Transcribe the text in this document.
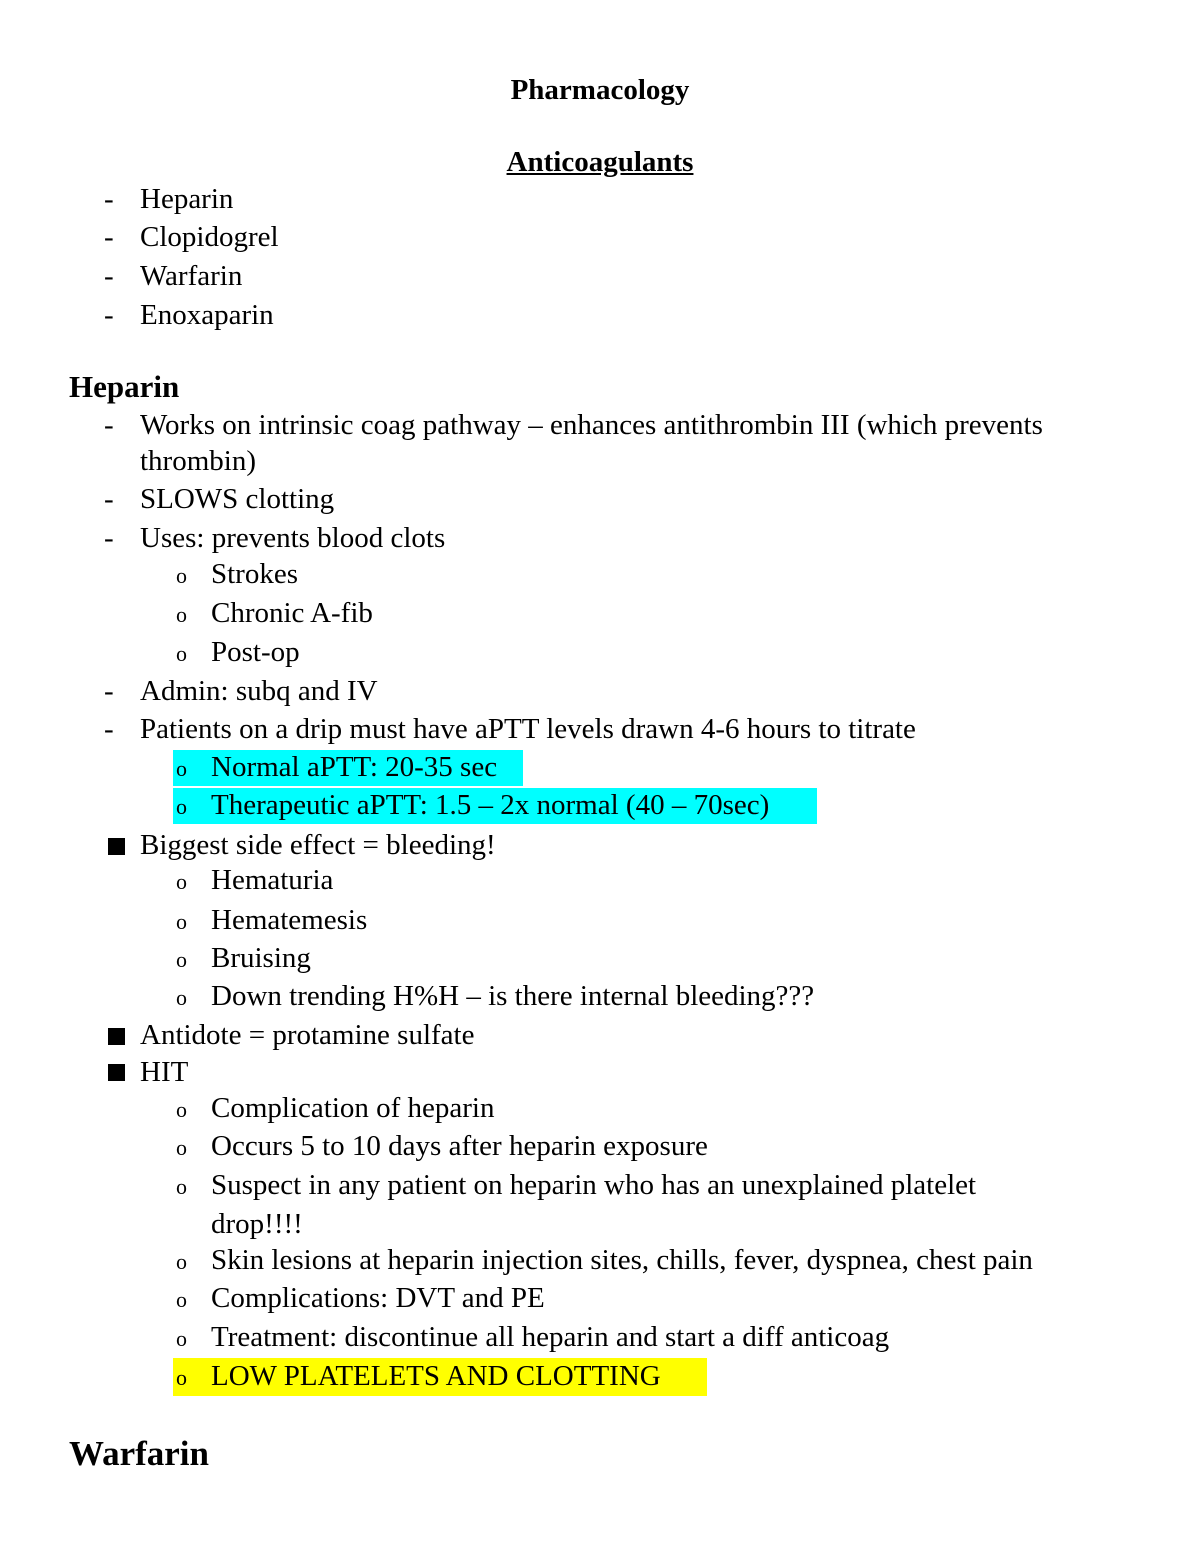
Pharmacology
Anticoagulants
- Heparin
- Clopidogrel
- Warfarin
- Enoxaparin
Heparin
- Works on intrinsic coag pathway – enhances antithrombin III (which prevents
thrombin)
- SLOWS clotting
- Uses: prevents blood clots
o Strokes
o Chronic A-fib
o Post-op
- Admin: subq and IV
- Patients on a drip must have aPTT levels drawn 4-6 hours to titrate
o Normal aPTT: 20-35 sec
o Therapeutic aPTT: 1.5 – 2x normal (40 – 70sec)
Biggest side effect = bleeding!
o Hematuria
o Hematemesis
o Bruising
o Down trending H%H – is there internal bleeding???
Antidote = protamine sulfate
HIT
o Complication of heparin
o Occurs 5 to 10 days after heparin exposure
o Suspect in any patient on heparin who has an unexplained platelet
drop!!!!
o Skin lesions at heparin injection sites, chills, fever, dyspnea, chest pain
o Complications: DVT and PE
o Treatment: discontinue all heparin and start a diff anticoag
o LOW PLATELETS AND CLOTTING
Warfarin
